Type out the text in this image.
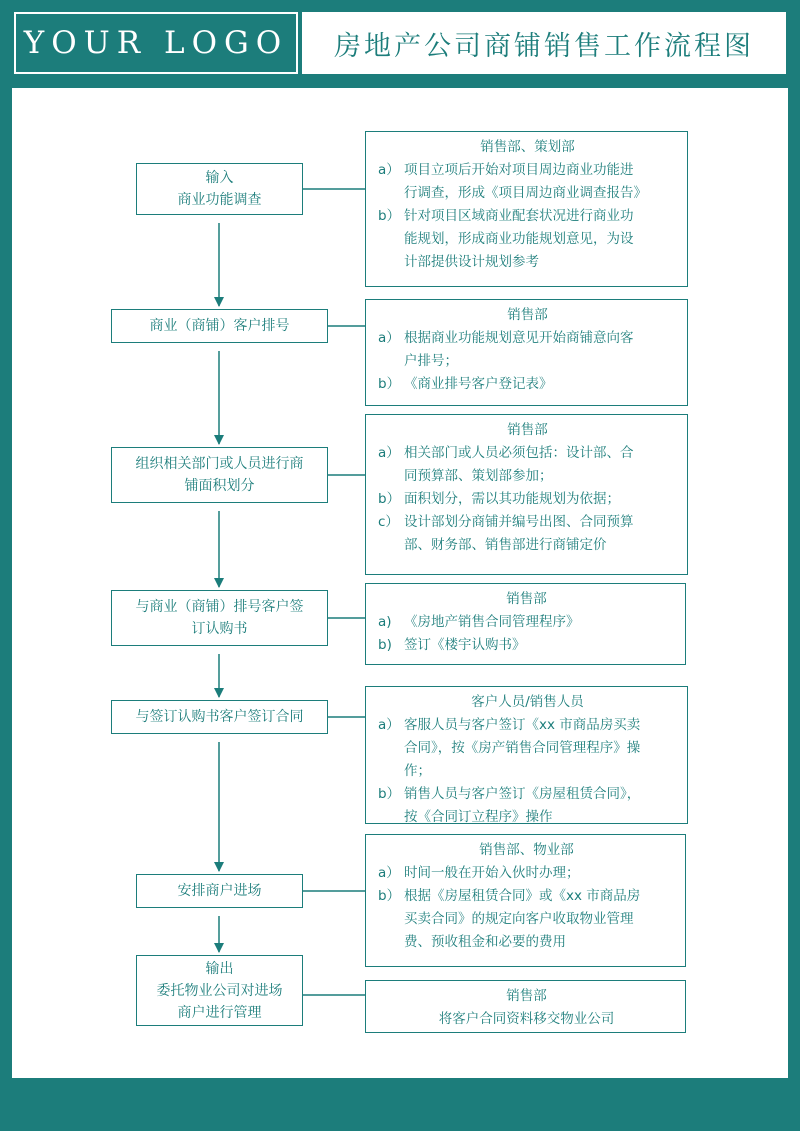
YOUR LOGO 房地产公司商铺销售工作流程图
输入
商业功能调查
商业（商铺）客户排号
组织相关部门或人员进行商
铺面积划分
与商业（商铺）排号客户签
订认购书
与签订认购书客户签订合同
安排商户进场
输出
委托物业公司对进场
商户进行管理
销售部、策划部
a） 项目立项后开始对项目周边商业功能进
行调查，形成《项目周边商业调查报告》
b） 针对项目区域商业配套状况进行商业功
能规划，形成商业功能规划意见，为设
计部提供设计规划参考
销售部
a） 根据商业功能规划意见开始商铺意向客
户排号；
b） 《商业排号客户登记表》
销售部
a） 相关部门或人员必须包括：设计部、合
同预算部、策划部参加；
b） 面积划分，需以其功能规划为依据；
c） 设计部划分商铺并编号出图、合同预算
部、财务部、销售部进行商铺定价
销售部
a) 《房地产销售合同管理程序》
b) 签订《楼宇认购书》
客户人员/销售人员
a） 客服人员与客户签订《xx 市商品房买卖
合同》，按《房产销售合同管理程序》操
作；
b） 销售人员与客户签订《房屋租赁合同》，
按《合同订立程序》操作
销售部、物业部
a） 时间一般在开始入伙时办理；
b） 根据《房屋租赁合同》或《xx 市商品房
买卖合同》的规定向客户收取物业管理
费、预收租金和必要的费用
销售部
将客户合同资料移交物业公司
